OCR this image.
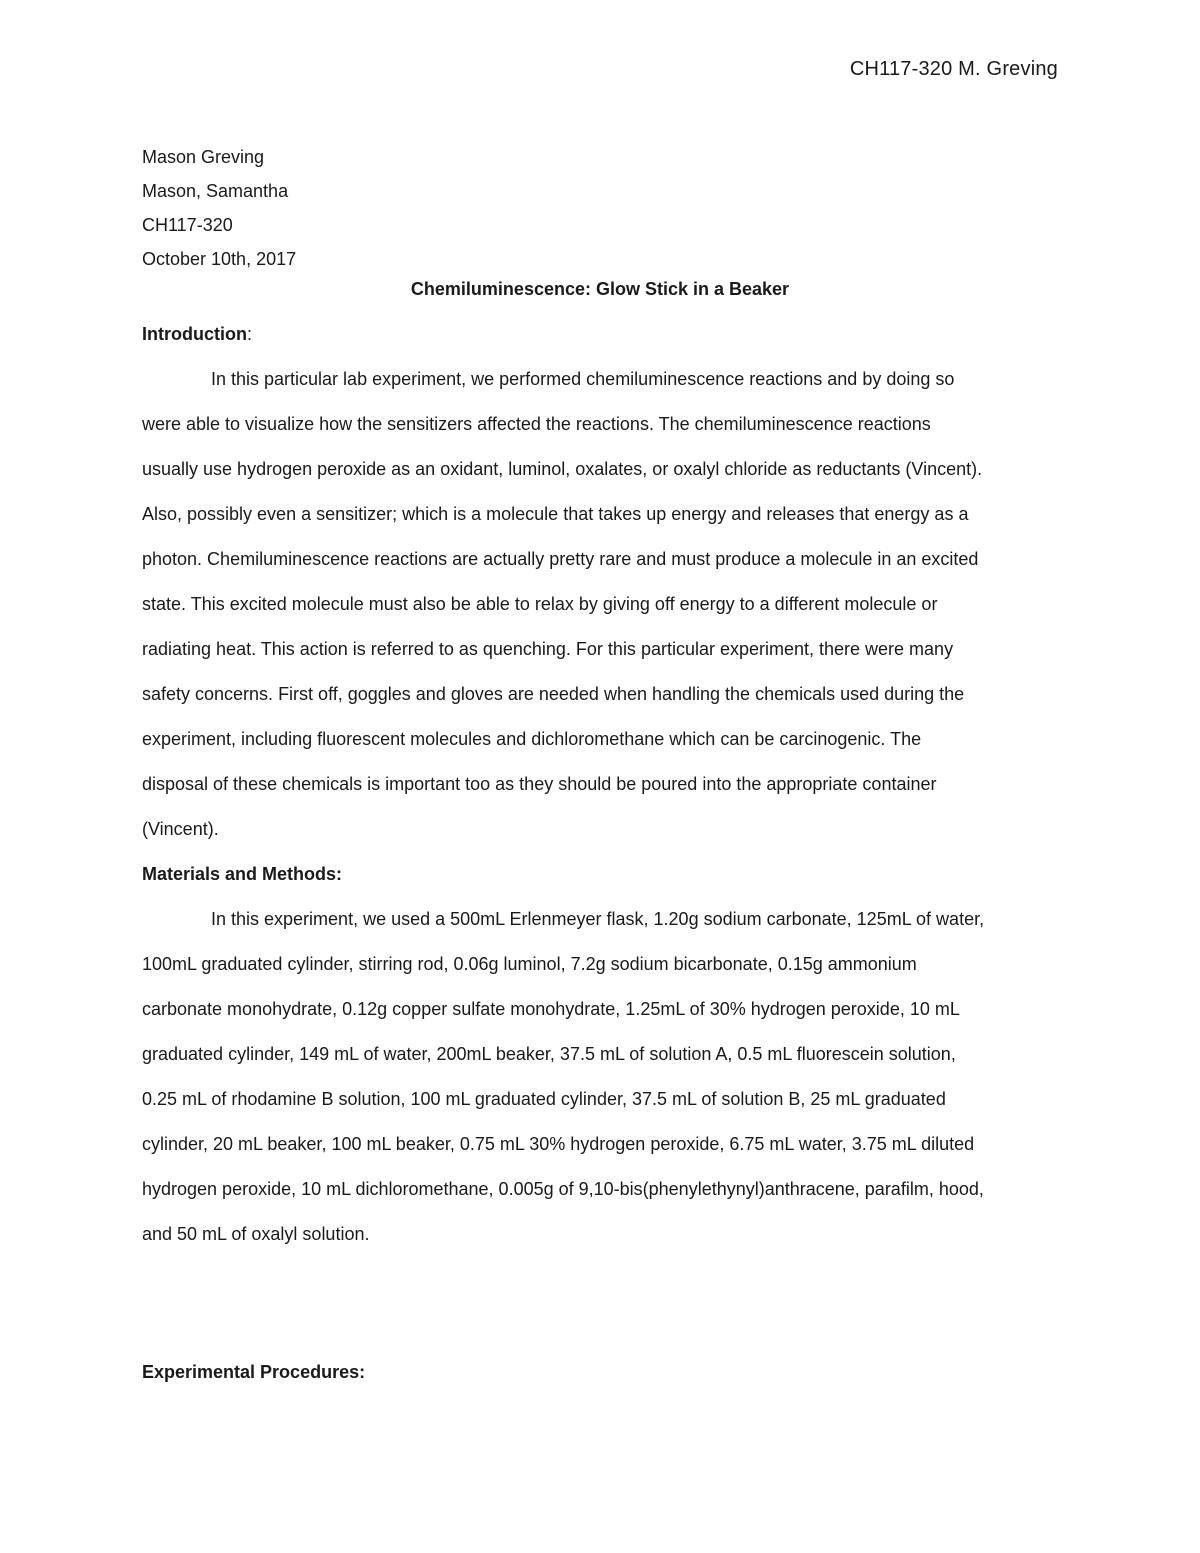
CH117-320 M. Greving
Mason Greving
Mason, Samantha
CH117-320
October 10th, 2017
Chemiluminescence: Glow Stick in a Beaker
Introduction:
In this particular lab experiment, we performed chemiluminescence reactions and by doing so
were able to visualize how the sensitizers affected the reactions. The chemiluminescence reactions
usually use hydrogen peroxide as an oxidant, luminol, oxalates, or oxalyl chloride as reductants (Vincent).
Also, possibly even a sensitizer; which is a molecule that takes up energy and releases that energy as a
photon. Chemiluminescence reactions are actually pretty rare and must produce a molecule in an excited
state. This excited molecule must also be able to relax by giving off energy to a different molecule or
radiating heat. This action is referred to as quenching. For this particular experiment, there were many
safety concerns. First off, goggles and gloves are needed when handling the chemicals used during the
experiment, including fluorescent molecules and dichloromethane which can be carcinogenic. The
disposal of these chemicals is important too as they should be poured into the appropriate container
(Vincent).
Materials and Methods:
In this experiment, we used a 500mL Erlenmeyer flask, 1.20g sodium carbonate, 125mL of water,
100mL graduated cylinder, stirring rod, 0.06g luminol, 7.2g sodium bicarbonate, 0.15g ammonium
carbonate monohydrate, 0.12g copper sulfate monohydrate, 1.25mL of 30% hydrogen peroxide, 10 mL
graduated cylinder, 149 mL of water, 200mL beaker, 37.5 mL of solution A, 0.5 mL fluorescein solution,
0.25 mL of rhodamine B solution, 100 mL graduated cylinder, 37.5 mL of solution B, 25 mL graduated
cylinder, 20 mL beaker, 100 mL beaker, 0.75 mL 30% hydrogen peroxide, 6.75 mL water, 3.75 mL diluted
hydrogen peroxide, 10 mL dichloromethane, 0.005g of 9,10-bis(phenylethynyl)anthracene, parafilm, hood,
and 50 mL of oxalyl solution.
Experimental Procedures:
